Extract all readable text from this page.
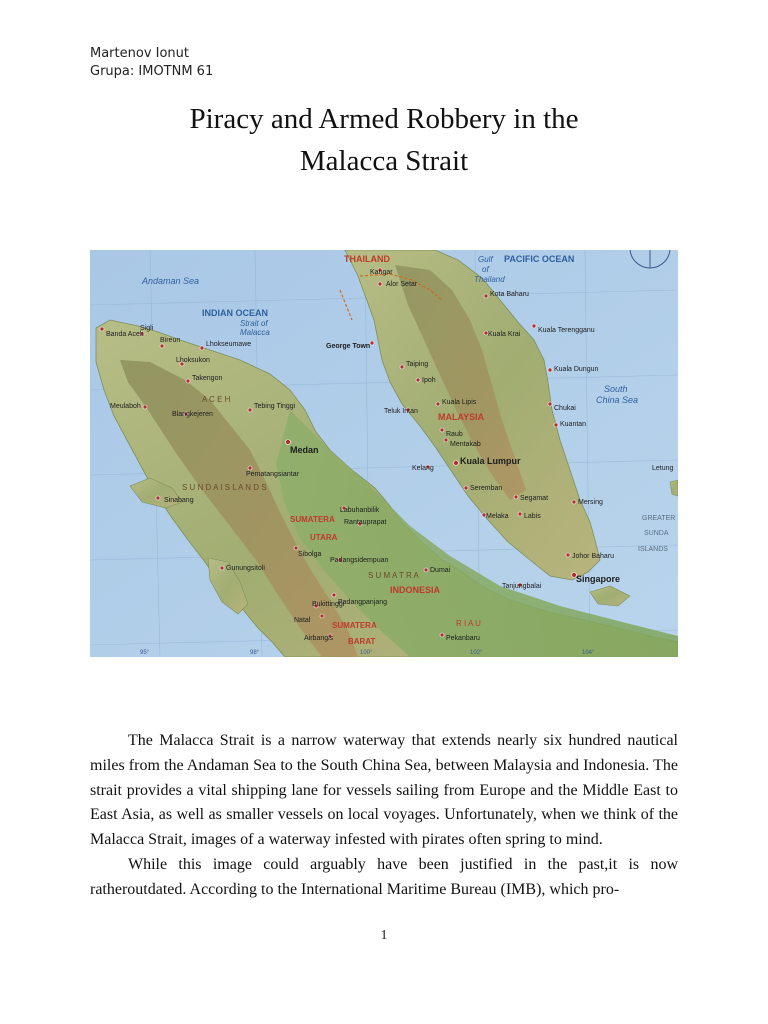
Martenov Ionut
Grupa: IMOTNM 61
Piracy and Armed Robbery in the
Malacca Strait
Andaman Sea
INDIAN OCEAN
Strait of
Malacca
Gulf PACIFIC OCEAN
of
Thailand
South
China Sea
THAILAND
MALAYSIA
INDONESIA
SUMATERA
UTARA
SUMATERA
BARAT
A C E H
S U N D A I S L A N D S
S U M A T R A
R I A U
GREATER
SUNDA
ISLANDS
Banda Aceh
Sigli
Bireun
Lhokseumawe
Lhoksukon
Takengon
Meulaboh
Blangkejeren
Tebing Tinggi
Medan
Pematangsiantar
Sinabang
Labuhanbilik
Rantauprapat
Sibolga
Gunungsitoli
Padangsidempuan
Dumai
Bukittinggi
Padangpanjang
Natal
Airbangis	Pekanbaru
Kangar
Alor Setar
Kota Baharu
George Town
Kuala Krai
Kuala Terengganu
Taiping
Ipoh
Kuala Dungun
Teluk Intan
Kuala Lipis
Chukai
Kuantan
Raub
Mentakab
Kelang
Kuala Lumpur
Seremban
Melaka
Segamat
Labis
Mersing
Johor Baharu
Singapore
Tanjungbalai
Letung
95°	98°	100°	102°	104°

The Malacca Strait is a narrow waterway that extends nearly six hundred nautical miles from the Andaman Sea to the South China Sea, between Malaysia and Indonesia. The strait provides a vital shipping lane for vessels sailing from Europe and the Middle East to East Asia, as well as smaller vessels on local voyages. Unfortunately, when we think of the Malacca Strait, images of a waterway infested with pirates often spring to mind.

While this image could arguably have been justified in the past,it is now ratheroutdated. According to the International Maritime Bureau (IMB), which pro-

1
